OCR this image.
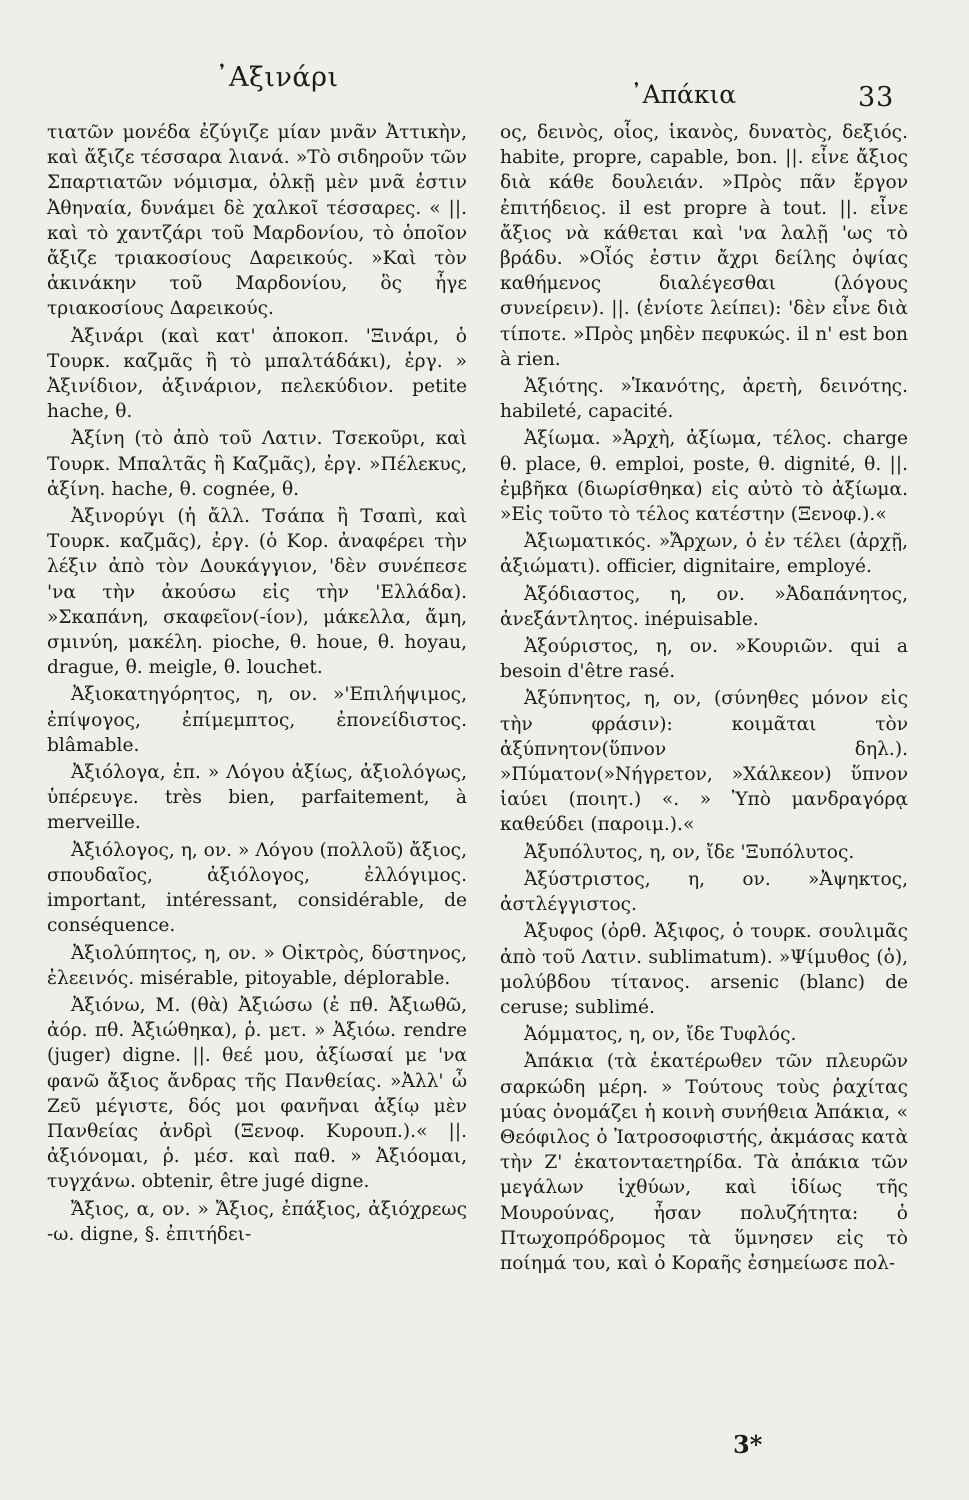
᾿Αξινάρι
᾿Απάκια	33

τιατῶν μονέδα ἐζύγιζε μίαν μνᾶν Ἀττικὴν, καὶ ἄξιζε τέσσαρα λιανά. »Τὸ σιδηροῦν τῶν Σπαρτιατῶν νόμισμα, ὁλκῇ μὲν μνᾶ ἐστιν Ἀθηναία, δυνάμει δὲ χαλκοῖ τέσσαρες. « ||. καὶ τὸ χαντζάρι τοῦ Μαρδονίου, τὸ ὁποῖον ἄξιζε τριακοσίους Δαρεικούς. »Καὶ τὸν ἀκινάκην τοῦ Μαρδονίου, ὃς ἦγε τριακοσίους Δαρεικούς.

Ἀξινάρι (καὶ κατ' ἀποκοπ. 'Ξινάρι, ὁ Τουρκ. καζμᾶς ἢ τὸ μπαλτάδάκι), ἐργ. » Ἀξινίδιον, ἀξινάριον, πελεκύδιον. petite hache, θ.

Ἀξίνη (τὸ ἀπὸ τοῦ Λατιν. Τσεκοῦρι, καὶ Τουρκ. Μπαλτᾶς ἢ Καζμᾶς), ἐργ. »Πέλεκυς, ἀξίνη. hache, θ. cognée, θ.

Ἀξινορύγι (ἡ ἄλλ. Τσάπα ἢ Τσαπὶ, καὶ Τουρκ. καζμᾶς), ἐργ. (ὁ Κορ. ἀναφέρει τὴν λέξιν ἀπὸ τὸν Δουκάγγιον, 'δὲν συνέπεσε 'να τὴν ἀκούσω εἰς τὴν 'Ελλάδα). »Σκαπάνη, σκαφεῖον(-ίον), μάκελλα, ἄμη, σμινύη, μακέλη. pioche, θ. houe, θ. hoyau, drague, θ. meigle, θ. louchet.

Ἀξιοκατηγόρητος, η, ον. »'Επιλήψιμος, ἐπίψογος, ἐπίμεμπτος, ἐπονείδιστος. blâmable.

Ἀξιόλογα, ἐπ. » Λόγου ἀξίως, ἀξιολόγως, ὑπέρευγε. très bien, parfaitement, à merveille.

Ἀξιόλογος, η, ον. » Λόγου (πολλοῦ) ἄξιος, σπουδαῖος, ἀξιόλογος, ἐλλόγιμος. important, intéressant, considérable, de conséquence.

Ἀξιολύπητος, η, ον. » Οἰκτρὸς, δύστηνος, ἐλεεινός. misérable, pitoyable, déplorable.

Ἀξιόνω, Μ. (θὰ) Ἀξιώσω (ἐ πθ. Ἀξιωθῶ, ἀόρ. πθ. Ἀξιώθηκα), ῥ. μετ. » Ἀξιόω. rendre (juger) digne. ||. θεέ μου, ἀξίωσαί με 'να φανῶ ἄξιος ἄνδρας τῆς Πανθείας. »Ἀλλ' ὦ Ζεῦ μέγιστε, δός μοι φανῆναι ἀξίῳ μὲν Πανθείας ἀνδρὶ (Ξενοφ. Κυρουπ.).« ||. ἀξιόνομαι, ῥ. μέσ. καὶ παθ. » Ἀξιόομαι, τυγχάνω. obtenir, être jugé digne.

Ἄξιος, α, ον. » Ἄξιος, ἐπάξιος, ἀξιόχρεως -ω. digne, §. ἐπιτήδει-

ος, δεινὸς, οἷος, ἱκανὸς, δυνατὸς, δεξιός. habite, propre, capable, bon. ||. εἶνε ἄξιος διὰ κάθε δουλειάν. »Πρὸς πᾶν ἔργον ἐπιτήδειος. il est propre à tout. ||. εἶνε ἄξιος νὰ κάθεται καὶ 'να λαλῇ 'ως τὸ βράδυ. »Οἷός ἐστιν ἄχρι δείλης ὀψίας καθήμενος διαλέγεσθαι (λόγους συνείρειν). ||. (ἐνίοτε λείπει): 'δὲν εἶνε διὰ τίποτε. »Πρὸς μηδὲν πεφυκώς. il n' est bon à rien.

Ἀξιότης. »Ἱκανότης, ἀρετὴ, δεινότης. habileté, capacité.

Ἀξίωμα. »Ἀρχὴ, ἀξίωμα, τέλος. charge θ. place, θ. emploi, poste, θ. dignité, θ. ||. ἐμβῆκα (διωρίσθηκα) εἰς αὐτὸ τὸ ἀξίωμα. »Εἰς τοῦτο τὸ τέλος κατέστην (Ξενοφ.).«

Ἀξιωματικός. »Ἄρχων, ὁ ἐν τέλει (ἀρχῇ, ἀξιώματι). officier, dignitaire, employé.

Ἀξόδιαστος, η, ον. »Ἀδαπάνητος, ἀνεξάντλητος. inépuisable.

Ἀξούριστος, η, ον. »Κουριῶν. qui a besoin d'être rasé.

Ἀξύπνητος, η, ον, (σύνηθες μόνον εἰς τὴν φράσιν): κοιμᾶται τὸν ἀξύπνητον(ὕπνον δηλ.). »Πύματον(»Νήγρετον, »Χάλκεον) ὕπνον ἰαύει (ποιητ.) «. » Ὑπὸ μανδραγόρᾳ καθεύδει (παροιμ.).«

Ἀξυπόλυτος, η, ον, ἴδε 'Ξυπόλυτος.

Ἀξύστριστος, η, ον. »Ἀψηκτος, ἀστλέγγιστος.

Ἀξυφος (ὀρθ. Ἀξιφος, ὁ τουρκ. σουλιμᾶς ἀπὸ τοῦ Λατιν. sublimatum). »Ψίμυθος (ὁ), μολύβδου τίτανος. arsenic (blanc) de ceruse; sublimé.

Ἀόμματος, η, ον, ἴδε Τυφλός.

Ἀπάκια (τὰ ἑκατέρωθεν τῶν πλευρῶν σαρκώδη μέρη. » Τούτους τοὺς ῥαχίτας μύας ὀνομάζει ἡ κοινὴ συνήθεια Ἀπάκια, « Θεόφιλος ὁ Ἰατροσοφιστής, ἀκμάσας κατὰ τὴν Ζ' ἑκατονταετηρίδα. Τὰ ἀπάκια τῶν μεγάλων ἰχθύων, καὶ ἰδίως τῆς Μουρούνας, ἦσαν πολυζήτητα: ὁ Πτωχοπρόδρομος τὰ ὕμνησεν εἰς τὸ ποίημά του, καὶ ὁ Κοραῆς ἐσημείωσε πολ-

3*
